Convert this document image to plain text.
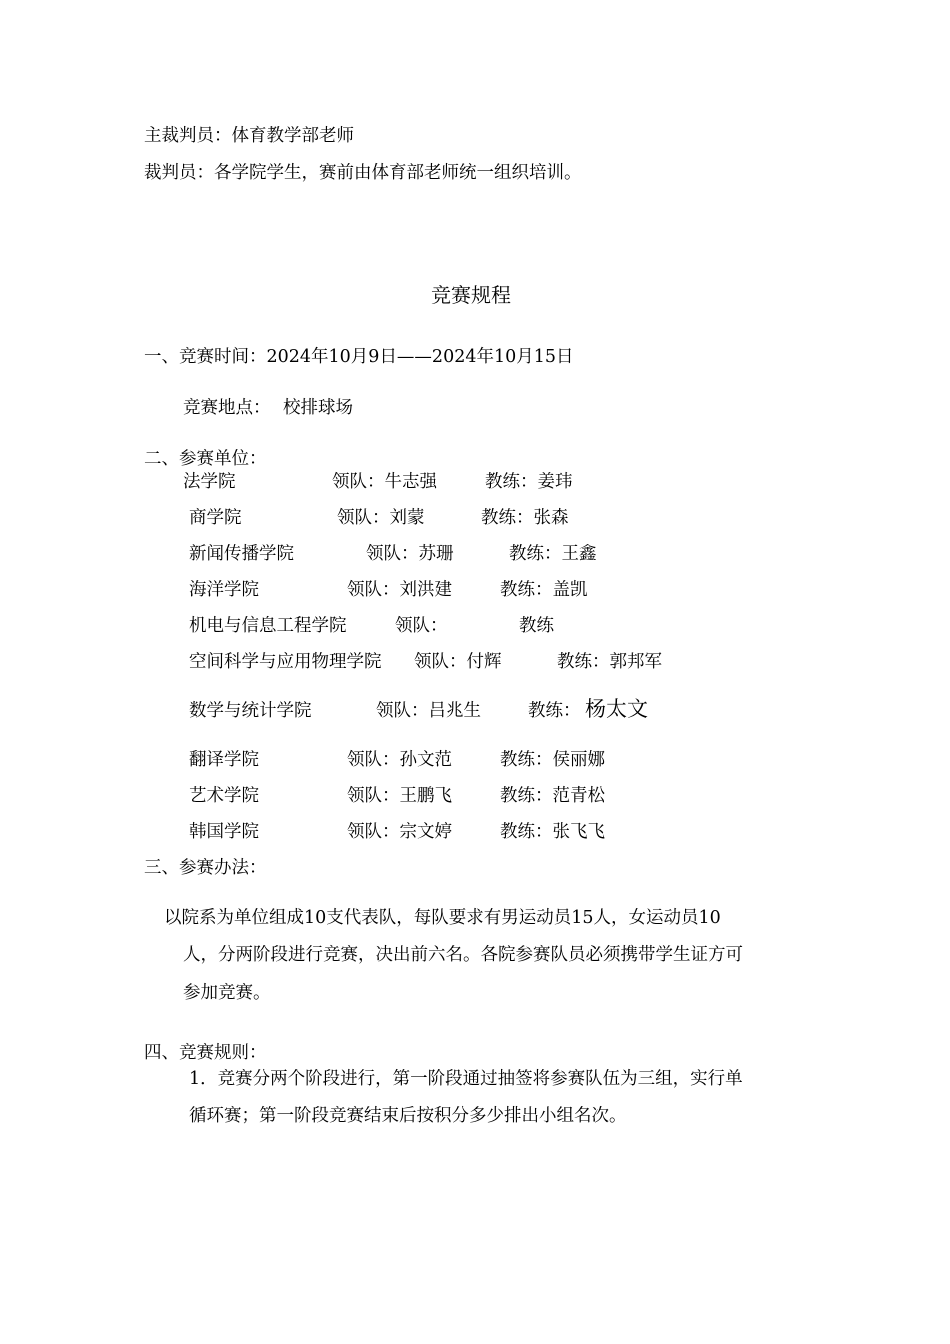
主裁判员：体育教学部老师
裁判员：各学院学生，赛前由体育部老师统一组织培训。
竞赛规程
一、竞赛时间：2024年10月9日——2024年10月15日
竞赛地点： 校排球场
二、参赛单位：
法学院	领队：牛志强	教练：姜玮
商学院	领队：刘蒙	教练：张森
新闻传播学院	领队：苏珊	教练：王鑫
海洋学院	领队：刘洪建	教练：盖凯
机电与信息工程学院	领队：	教练
空间科学与应用物理学院 领队：付辉	教练：郭邦军
数学与统计学院	领队：吕兆生	教练： 杨太文
翻译学院	领队：孙文范	教练：侯丽娜
艺术学院	领队：王鹏飞	教练：范青松
韩国学院	领队：宗文婷	教练：张飞飞
三、参赛办法：
以院系为单位组成10支代表队，每队要求有男运动员15人，女运动员10
人，分两阶段进行竞赛，决出前六名。各院参赛队员必须携带学生证方可
参加竞赛。
四、竞赛规则：
1．竞赛分两个阶段进行，第一阶段通过抽签将参赛队伍为三组，实行单
循环赛；第一阶段竞赛结束后按积分多少排出小组名次。
